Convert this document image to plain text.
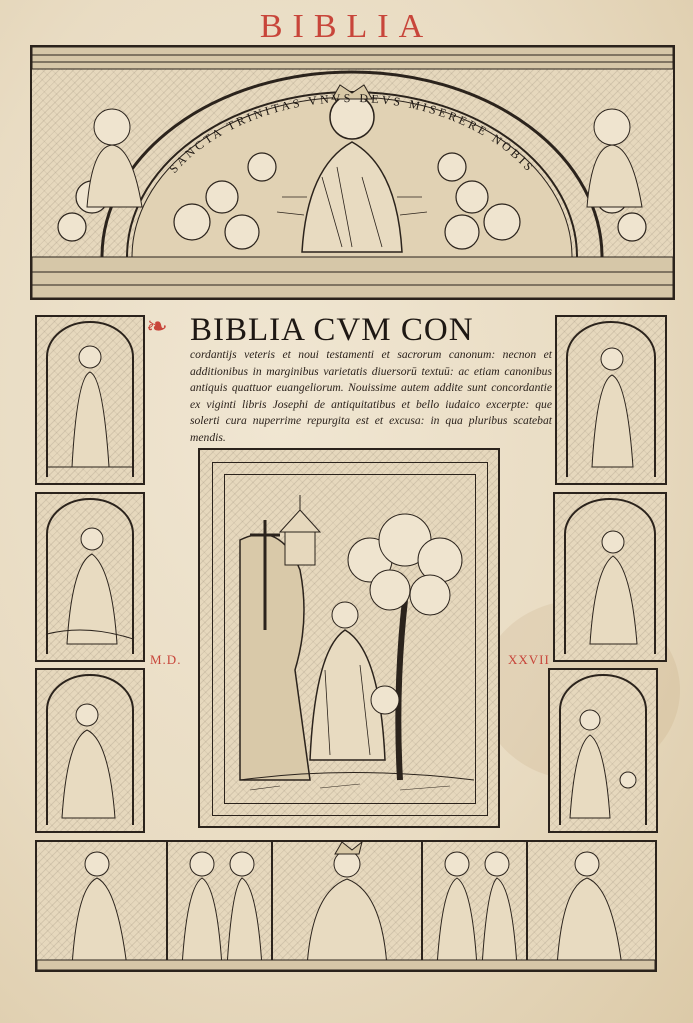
BIBLIA
SANCTA TRINITAS VNVS DEVS MISERERE NOBIS
❧ BIBLIA CVM CON
cordantijs veteris et noui testamenti et sacrorum canonum: necnon et additionibus in marginibus varietatis diuersorū textuū: ac etiam canonibus antiquis quattuor euangeliorum. Nouissime autem addite sunt concordantie ex viginti libris Josephi de antiquitatibus et bello iudaico excerpte: que solerti cura nuperrime repurgita est et excusa: in qua pluribus scatebat mendis.
M.D.	XXVII
